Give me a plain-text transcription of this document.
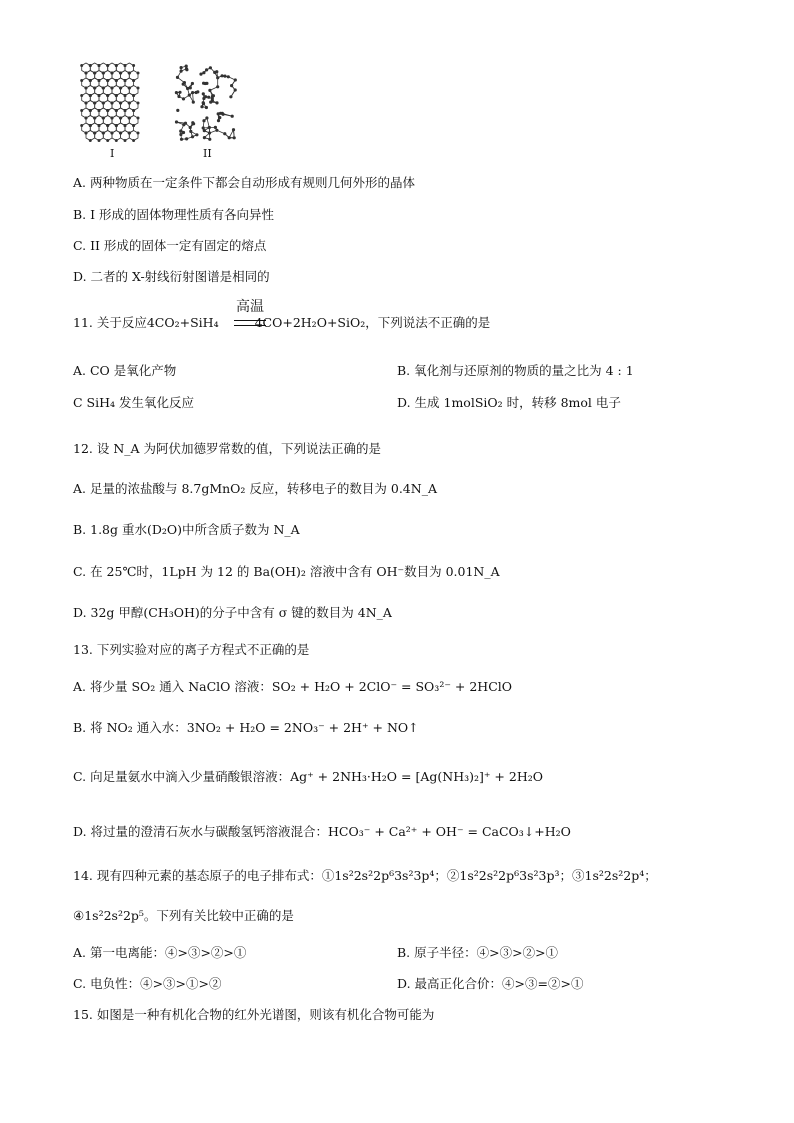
I	II
A. 两种物质在一定条件下都会自动形成有规则几何外形的晶体
B. I 形成的固体物理性质有各向异性
C. II 形成的固体一定有固定的熔点
D. 二者的 X-射线衍射图谱是相同的
11. 关于反应4CO₂+SiH₄	4CO+2H₂O+SiO₂，下列说法不正确的是
高温
A. CO 是氧化产物	B. 氧化剂与还原剂的物质的量之比为 4 : 1
C SiH₄ 发生氧化反应	D. 生成 1molSiO₂ 时，转移 8mol 电子
12. 设 N_A 为阿伏加德罗常数的值，下列说法正确的是
A. 足量的浓盐酸与 8.7gMnO₂ 反应，转移电子的数目为 0.4N_A
B. 1.8g 重水(D₂O)中所含质子数为 N_A
C. 在 25℃时，1LpH 为 12 的 Ba(OH)₂ 溶液中含有 OH⁻数目为 0.01N_A
D. 32g 甲醇(CH₃OH)的分子中含有 σ 键的数目为 4N_A
13. 下列实验对应的离子方程式不正确的是
A. 将少量 SO₂ 通入 NaClO 溶液：SO₂ + H₂O + 2ClO⁻ = SO₃²⁻ + 2HClO
B. 将 NO₂ 通入水：3NO₂ + H₂O = 2NO₃⁻ + 2H⁺ + NO↑
C. 向足量氨水中滴入少量硝酸银溶液：Ag⁺ + 2NH₃·H₂O = [Ag(NH₃)₂]⁺ + 2H₂O
D. 将过量的澄清石灰水与碳酸氢钙溶液混合：HCO₃⁻ + Ca²⁺ + OH⁻ = CaCO₃↓+H₂O
14. 现有四种元素的基态原子的电子排布式：①1s²2s²2p⁶3s²3p⁴；②1s²2s²2p⁶3s²3p³；③1s²2s²2p⁴；
④1s²2s²2p⁵。下列有关比较中正确的是
A. 第一电离能：④>③>②>①	B. 原子半径：④>③>②>①
C. 电负性：④>③>①>②	D. 最高正化合价：④>③=②>①
15. 如图是一种有机化合物的红外光谱图，则该有机化合物可能为
